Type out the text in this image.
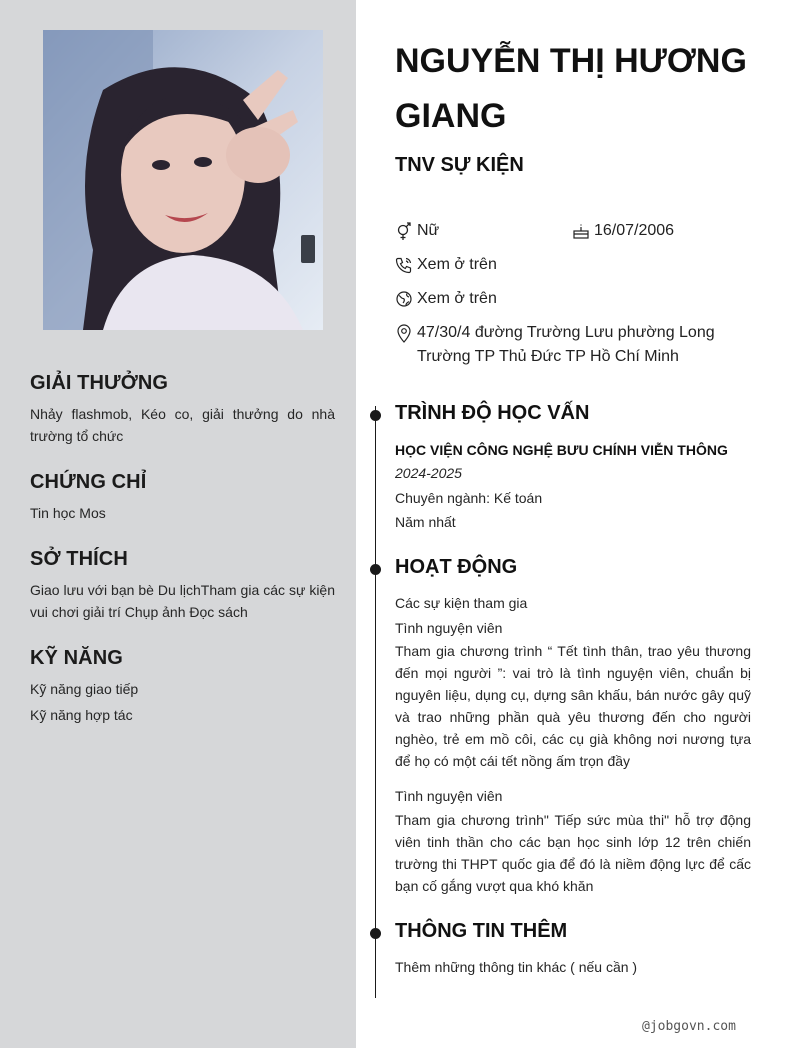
GIẢI THƯỞNG
Nhảy flashmob, Kéo co, giải thưởng do nhà trường tổ chức
CHỨNG CHỈ
Tin học Mos
SỞ THÍCH
Giao lưu với bạn bè Du lịchTham gia các sự kiện vui chơi giải trí Chụp ảnh Đọc sách
KỸ NĂNG
Kỹ năng giao tiếp
Kỹ năng hợp tác
NGUYỄN THỊ HƯƠNG GIANG
TNV SỰ KIỆN
Nữ	16/07/2006
Xem ở trên
Xem ở trên
47/30/4 đường Trường Lưu phường Long Trường TP Thủ Đức TP Hồ Chí Minh
TRÌNH ĐỘ HỌC VẤN
HỌC VIỆN CÔNG NGHỆ BƯU CHÍNH VIỄN THÔNG
2024-2025
Chuyên ngành: Kế toán
Năm nhất
HOẠT ĐỘNG
Các sự kiện tham gia
Tình nguyện viên
Tham gia chương trình “ Tết tình thân, trao yêu thương đến mọi người ”: vai trò là tình nguyện viên, chuẩn bị nguyên liệu, dụng cụ, dựng sân khấu, bán nước gây quỹ và trao những phần quà yêu thương đến cho người nghèo, trẻ em mồ côi, các cụ già không nơi nương tựa để họ có một cái tết nồng ấm trọn đầy
Tình nguyện viên
Tham gia chương trình" Tiếp sức mùa thi" hỗ trợ động viên tinh thần cho các bạn học sinh lớp 12 trên chiến trường thi THPT quốc gia để đó là niềm động lực để cấc bạn cố gắng vượt qua khó khăn
THÔNG TIN THÊM
Thêm những thông tin khác ( nếu cần )
@jobgovn.com
